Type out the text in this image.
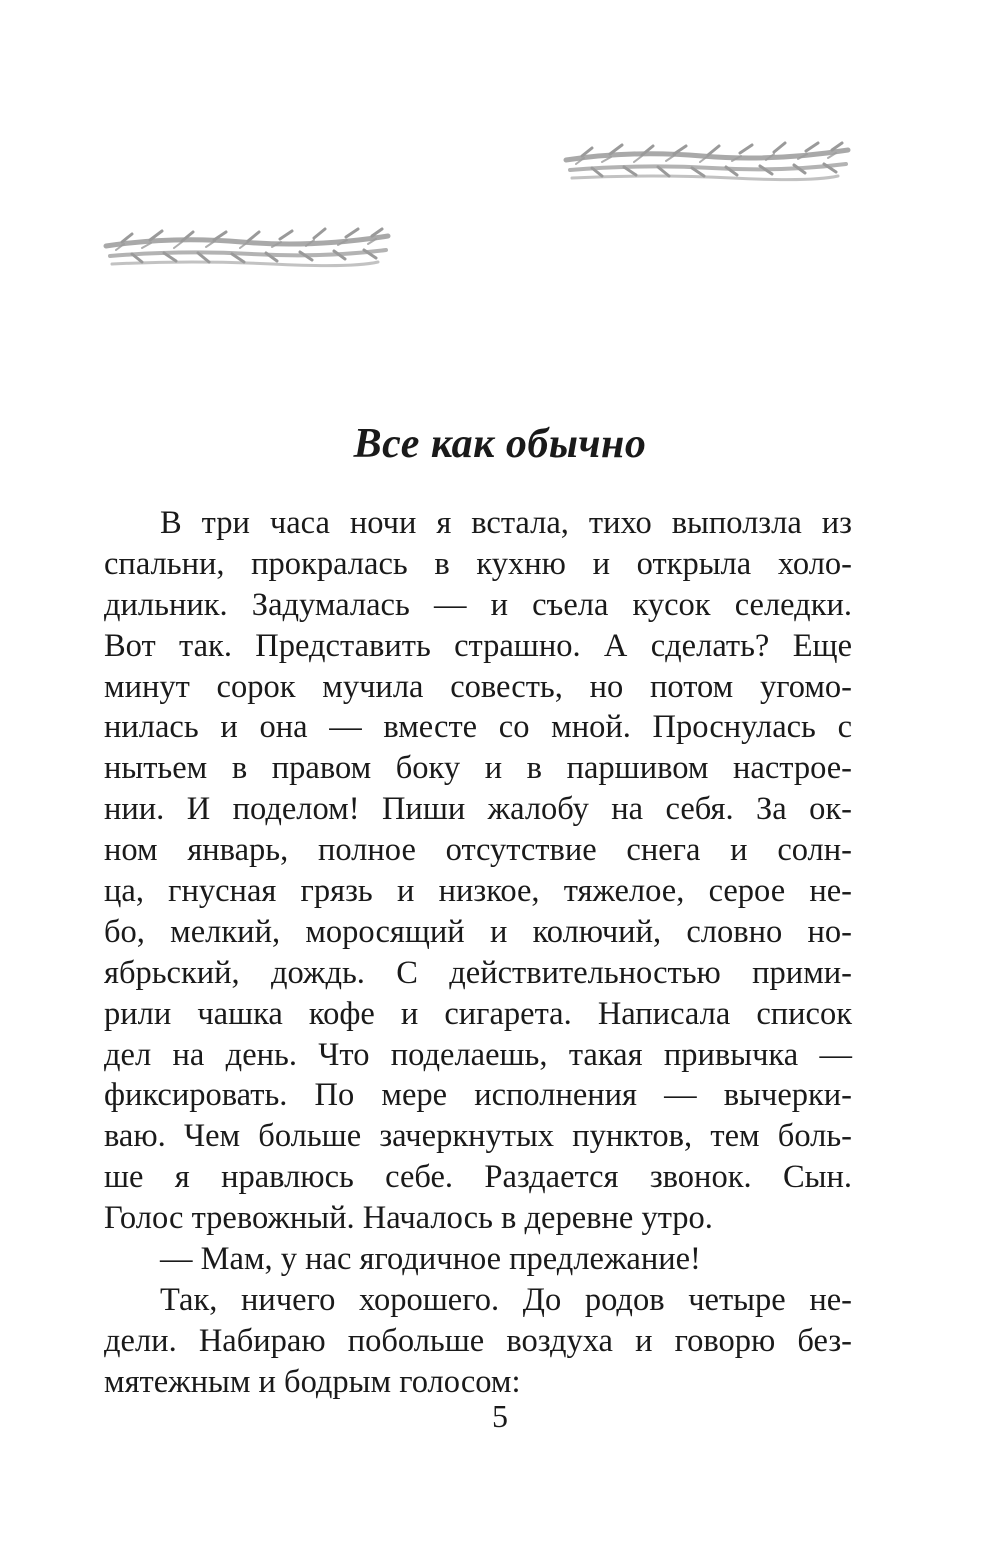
Все как обычно
В три часа ночи я встала, тихо выползла из
спальни, прокралась в кухню и открыла холо-
дильник. Задумалась — и съела кусок селедки.
Вот так. Представить страшно. А сделать? Еще
минут сорок мучила совесть, но потом угомо-
нилась и она — вместе со мной. Проснулась с
нытьем в правом боку и в паршивом настрое-
нии. И поделом! Пиши жалобу на себя. За ок-
ном январь, полное отсутствие снега и солн-
ца, гнусная грязь и низкое, тяжелое, серое не-
бо, мелкий, моросящий и колючий, словно но-
ябрьский, дождь. С действительностью прими-
рили чашка кофе и сигарета. Написала список
дел на день. Что поделаешь, такая привычка —
фиксировать. По мере исполнения — вычерки-
ваю. Чем больше зачеркнутых пунктов, тем боль-
ше я нравлюсь себе. Раздается звонок. Сын.
Голос тревожный. Началось в деревне утро.
— Мам, у нас ягодичное предлежание!
Так, ничего хорошего. До родов четыре не-
дели. Набираю побольше воздуха и говорю без-
мятежным и бодрым голосом:

5
